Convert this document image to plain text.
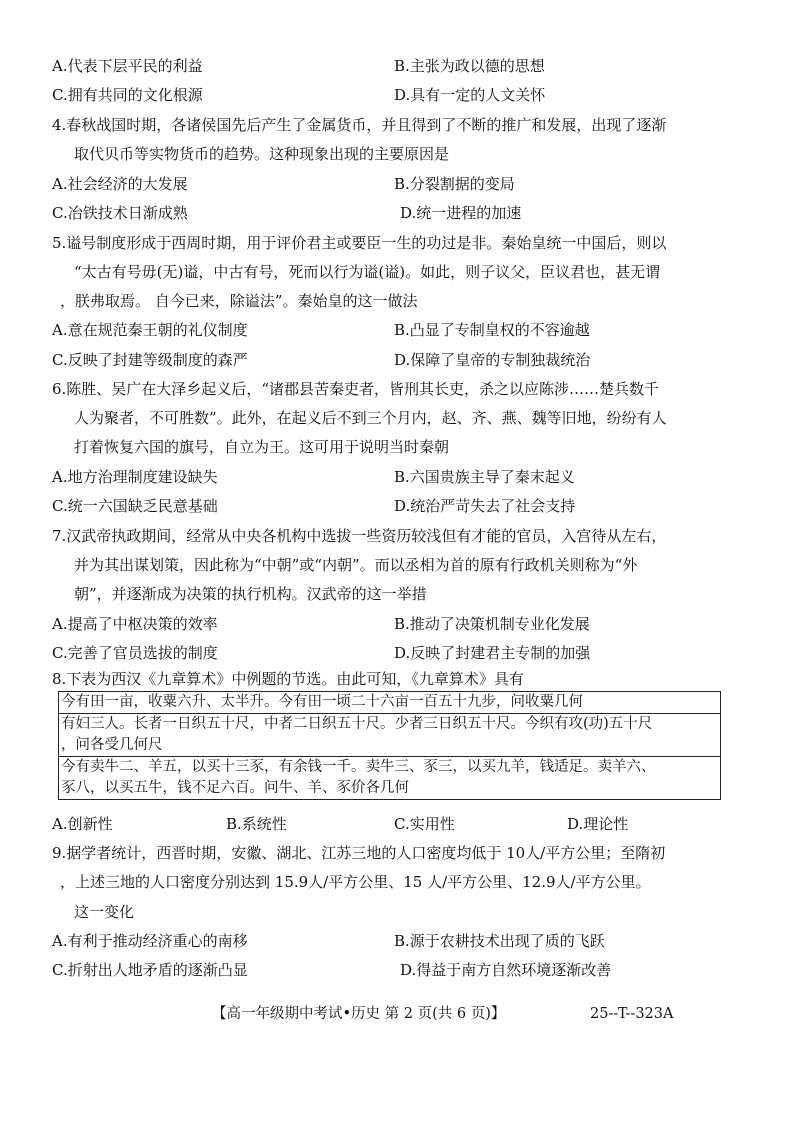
A.代表下层平民的利益	B.主张为政以德的思想
C.拥有共同的文化根源	D.具有一定的人文关怀
4.春秋战国时期，各诸侯国先后产生了金属货币，并且得到了不断的推广和发展，出现了逐渐
取代贝币等实物货币的趋势。这种现象出现的主要原因是
A.社会经济的大发展	B.分裂割据的变局
C.冶铁技术日渐成熟	D.统一进程的加速
5.谥号制度形成于西周时期，用于评价君主或要臣一生的功过是非。秦始皇统一中国后，则以
“太古有号毋(无)谥，中古有号，死而以行为谥(谥)。如此，则子议父，臣议君也，甚无谓
，朕弗取焉。 自今已来，除谥法”。秦始皇的这一做法
A.意在规范秦王朝的礼仪制度	B.凸显了专制皇权的不容逾越
C.反映了封建等级制度的森严	D.保障了皇帝的专制独裁统治
6.陈胜、吴广在大泽乡起义后，“诸郡县苦秦吏者，皆刑其长吏，杀之以应陈涉……楚兵数千
人为聚者，不可胜数”。此外，在起义后不到三个月内，赵、齐、燕、魏等旧地，纷纷有人
打着恢复六国的旗号，自立为王。这可用于说明当时秦朝
A.地方治理制度建设缺失	B.六国贵族主导了秦末起义
C.统一六国缺乏民意基础	D.统治严苛失去了社会支持
7.汉武帝执政期间，经常从中央各机构中选拔一些资历较浅但有才能的官员，入宫待从左右，
并为其出谋划策，因此称为“中朝”或“内朝”。而以丞相为首的原有行政机关则称为“外
朝”，并逐渐成为决策的执行机构。汉武帝的这一举措
A.提高了中枢决策的效率	B.推动了决策机制专业化发展
C.完善了官员选拔的制度	D.反映了封建君主专制的加强
8.下表为西汉《九章算术》中例题的节选。由此可知，《九章算术》具有
今有田一亩，收粟六升、太半升。今有田一顷二十六亩一百五十九步，问收粟几何

有妇三人。长者一日织五十尺，中者二日织五十尺。少者三日织五十尺。今织有攻(功)五十尺
，问各受几何尺

今有卖牛二、羊五，以买十三豕，有余钱一千。卖牛三、豕三，以买九羊，钱适足。卖羊六、
豕八，以买五牛，钱不足六百。问牛、羊、豕价各几何
A.创新性	B.系统性	C.实用性	D.理论性
9.据学者统计，西晋时期，安徽、湖北、江苏三地的人口密度均低于 10人/平方公里；至隋初
，上述三地的人口密度分别达到 15.9人/平方公里、15 人/平方公里、12.9人/平方公里。
这一变化
A.有利于推动经济重心的南移	B.源于农耕技术出现了质的飞跃
C.折射出人地矛盾的逐渐凸显	D.得益于南方自然环境逐渐改善
【高一年级期中考试•历史 第 2 页(共 6 页)】	25--T--323A
